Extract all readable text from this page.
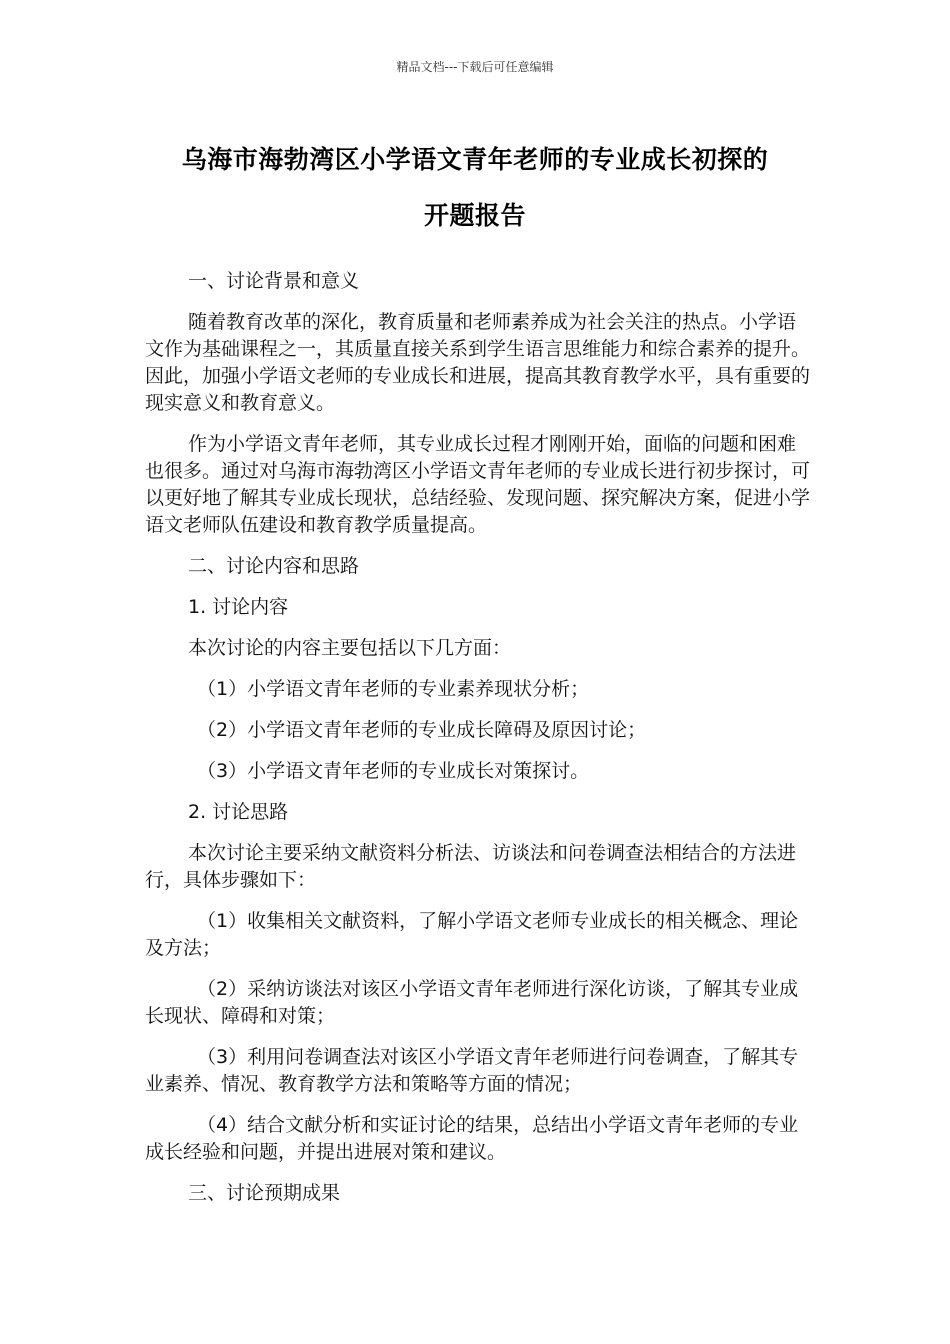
精品文档---下载后可任意编辑
乌海市海勃湾区小学语文青年老师的专业成长初探的
开题报告

一、讨论背景和意义

随着教育改革的深化，教育质量和老师素养成为社会关注的热点。小学语文作为基础课程之一，其质量直接关系到学生语言思维能力和综合素养的提升。因此，加强小学语文老师的专业成长和进展，提高其教育教学水平，具有重要的现实意义和教育意义。

作为小学语文青年老师，其专业成长过程才刚刚开始，面临的问题和困难也很多。通过对乌海市海勃湾区小学语文青年老师的专业成长进行初步探讨，可以更好地了解其专业成长现状，总结经验、发现问题、探究解决方案，促进小学语文老师队伍建设和教育教学质量提高。

二、讨论内容和思路

1. 讨论内容

本次讨论的内容主要包括以下几方面：

（1）小学语文青年老师的专业素养现状分析；

（2）小学语文青年老师的专业成长障碍及原因讨论；

（3）小学语文青年老师的专业成长对策探讨。

2. 讨论思路

本次讨论主要采纳文献资料分析法、访谈法和问卷调查法相结合的方法进行，具体步骤如下：

（1）收集相关文献资料，了解小学语文老师专业成长的相关概念、理论及方法；

（2）采纳访谈法对该区小学语文青年老师进行深化访谈，了解其专业成长现状、障碍和对策；

（3）利用问卷调查法对该区小学语文青年老师进行问卷调查，了解其专业素养、情况、教育教学方法和策略等方面的情况；

（4）结合文献分析和实证讨论的结果，总结出小学语文青年老师的专业成长经验和问题，并提出进展对策和建议。

三、讨论预期成果
